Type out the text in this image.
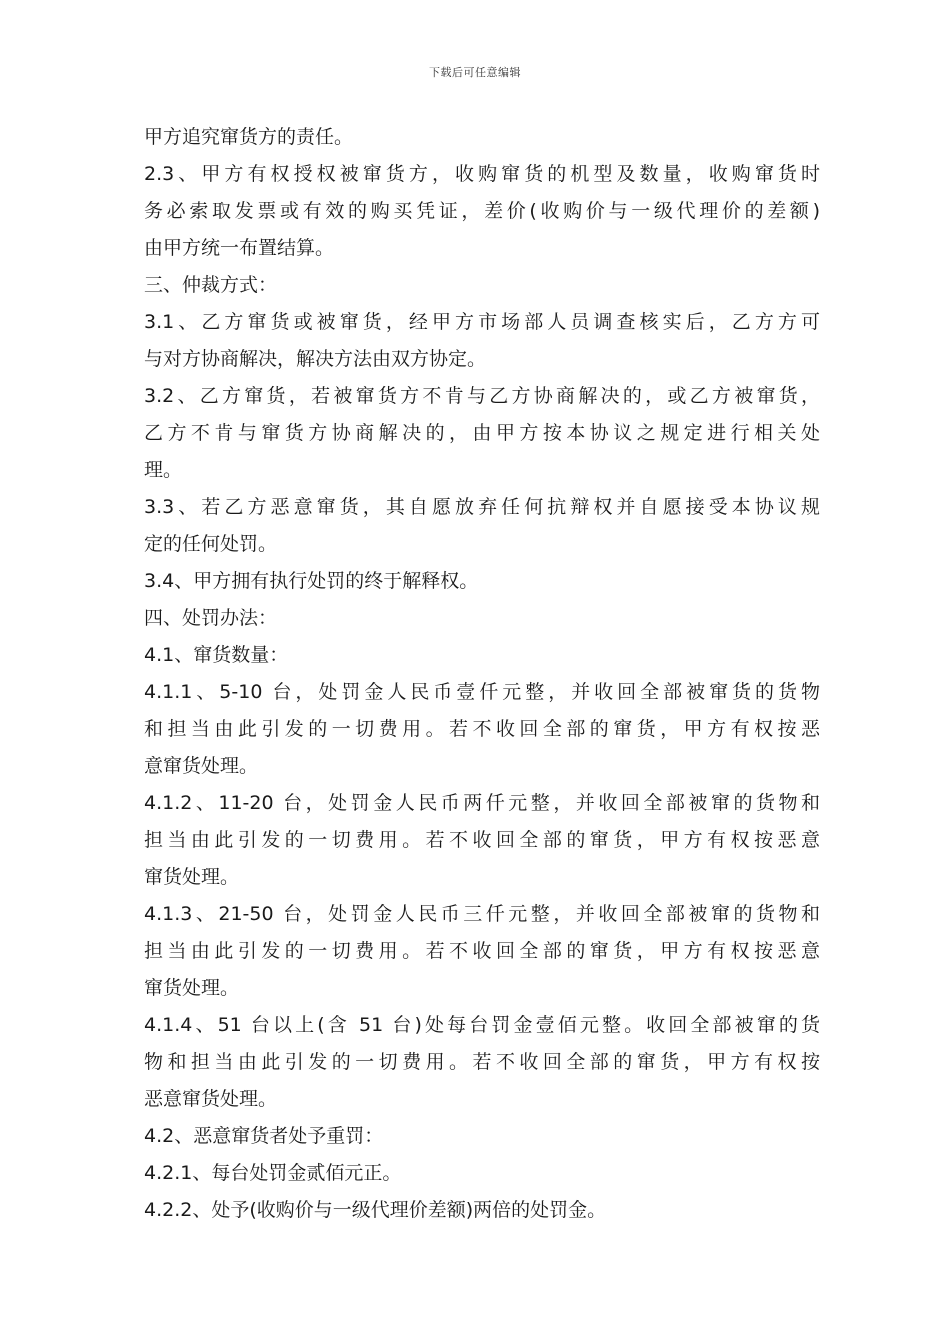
下载后可任意编辑
甲方追究窜货方的责任。
2.3、甲方有权授权被窜货方，收购窜货的机型及数量，收购窜货时
务必索取发票或有效的购买凭证，差价(收购价与一级代理价的差额)
由甲方统一布置结算。
三、仲裁方式：
3.1、乙方窜货或被窜货，经甲方市场部人员调查核实后，乙方方可
与对方协商解决，解决方法由双方协定。
3.2、乙方窜货，若被窜货方不肯与乙方协商解决的，或乙方被窜货，
乙方不肯与窜货方协商解决的，由甲方按本协议之规定进行相关处
理。
3.3、若乙方恶意窜货，其自愿放弃任何抗辩权并自愿接受本协议规
定的任何处罚。
3.4、甲方拥有执行处罚的终于解释权。
四、处罚办法：
4.1、窜货数量：
4.1.1、5-10 台，处罚金人民币壹仟元整，并收回全部被窜货的货物
和担当由此引发的一切费用。若不收回全部的窜货，甲方有权按恶
意窜货处理。
4.1.2、11-20 台，处罚金人民币两仟元整，并收回全部被窜的货物和
担当由此引发的一切费用。若不收回全部的窜货，甲方有权按恶意
窜货处理。
4.1.3、21-50 台，处罚金人民币三仟元整，并收回全部被窜的货物和
担当由此引发的一切费用。若不收回全部的窜货，甲方有权按恶意
窜货处理。
4.1.4、51 台以上(含 51 台)处每台罚金壹佰元整。收回全部被窜的货
物和担当由此引发的一切费用。若不收回全部的窜货，甲方有权按
恶意窜货处理。
4.2、恶意窜货者处予重罚：
4.2.1、每台处罚金贰佰元正。
4.2.2、处予(收购价与一级代理价差额)两倍的处罚金。
